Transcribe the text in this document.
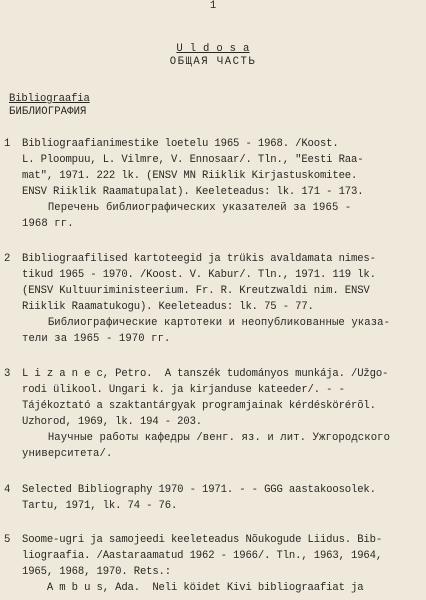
1
U l d o s a
ОБЩАЯ ЧАСТЬ
Bibliograafia
БИБЛИОГРАФИЯ
1 Bibliograafianimestike loetelu 1965 - 1968. /Koost.
L. Ploompuu, L. Vilmre, V. Ennosaar/. Tln., "Eesti Raa-
mat", 1971. 222 lk. (ENSV MN Riiklik Kirjastuskomitee.
ENSV Riiklik Raamatupalat). Keeleteadus: lk. 171 - 173.
Перечень библиографических указателей за 1965 -
1968 гг.
2 Bibliograafilised kartoteegid ja trükis avaldamata nimes-
tikud 1965 - 1970. /Koost. V. Kabur/. Tln., 1971. 119 lk.
(ENSV Kultuuriministeerium. Fr. R. Kreutzwaldi nim. ENSV
Riiklik Raamatukogu). Keeleteadus: lk. 75 - 77.
Библиографические картотеки и неопубликованные указа-
тели за 1965 - 1970 гг.
3 L i z a n e c, Petro.  A tanszék tudományos munkája. /Užgo-
rodi ülikool. Ungari k. ja kirjanduse kateeder/. - -
Tájékoztató a szaktantárgyak programjainak kérdéskörérõl.
Uzhorod, 1969, lk. 194 - 203.
Научные работы кафедры /венг. яз. и лит. Ужгородского
университета/.
4 Selected Bibliography 1970 - 1971. - - GGG aastakoosolek.
Tartu, 1971, lk. 74 - 76.
5 Soome-ugri ja samojeedi keeleteadus Nõukogude Liidus. Bib-
liograafia. /Aastaraamatud 1962 - 1966/. Tln., 1963, 1964,
1965, 1968, 1970. Rets.:
A m b u s, Ada.  Neli köidet Kivi bibliograafiat ja
